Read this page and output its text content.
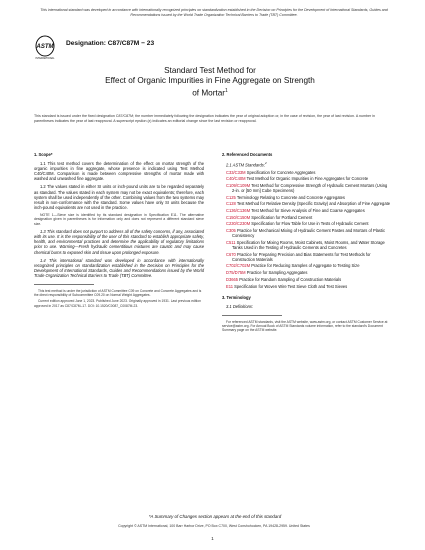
This international standard was developed in accordance with internationally recognized principles on standardization established in the Decision on Principles for the Development of International Standards, Guides and Recommendations issued by the World Trade Organization Technical Barriers to Trade (TBT) Committee.
ASTM
INTERNATIONAL
Designation: C87/C87M − 23
Standard Test Method for
Effect of Organic Impurities in Fine Aggregate on Strength
of Mortar$^1$
This standard is issued under the fixed designation C87/C87M; the number immediately following the designation indicates the year of original adoption or, in the case of revision, the year of last revision. A number in parentheses indicates the year of last reapproval. A superscript epsilon (ε) indicates an editorial change since the last revision or reapproval.
1. Scope*

1.1 This test method covers the determination of the effect on mortar strength of the organic impurities in fine aggregate, whose presence is indicated using Test Method C40/C40M. Comparison is made between compressive strengths of mortar made with washed and unwashed fine aggregate.

1.2 The values stated in either SI units or inch-pound units are to be regarded separately as standard. The values stated in each system may not be exact equivalents; therefore, each system shall be used independently of the other. Combining values from the two systems may result in non-conformance with the standard. Some values have only SI units because the inch-pound equivalents are not used in the practice.

NOTE 1—Sieve size is identified by its standard designation in Specification E11. The alternative designation given in parentheses is for information only and does not represent a different standard sieve size.

1.3 This standard does not purport to address all of the safety concerns, if any, associated with its use. It is the responsibility of the user of this standard to establish appropriate safety, health, and environmental practices and determine the applicability of regulatory limitations prior to use. Warning—Fresh hydraulic cementitious mixtures are caustic and may cause chemical burns to exposed skin and tissue upon prolonged exposure.

1.4 This international standard was developed in accordance with internationally recognized principles on standardization established in the Decision on Principles for the Development of International Standards, Guides and Recommendations issued by the World Trade Organization Technical Barriers to Trade (TBT) Committee.

This test method is under the jurisdiction of ASTM Committee C09 on Concrete and Concrete Aggregates and is the direct responsibility of Subcommittee C09.20 on Normal Weight Aggregates.

Current edition approved June 1, 2023. Published June 2023. Originally approved in 1931. Last previous edition approved in 2017 as C87/C87M–17. DOI: 10.1520/C0087_C0087M-23.

2. Referenced Documents
2.1 ASTM Standards:$^2$
C33/C33M Specification for Concrete Aggregates
C40/C40M Test Method for Organic Impurities in Fine Aggregates for Concrete
C109/C109M Test Method for Compressive Strength of Hydraulic Cement Mortars (Using 2-in. or [50 mm] Cube Specimens)
C125 Terminology Relating to Concrete and Concrete Aggregates
C128 Test Method for Relative Density (Specific Gravity) and Absorption of Fine Aggregate
C136/C136M Test Method for Sieve Analysis of Fine and Coarse Aggregates
C150/C150M Specification for Portland Cement
C230/C230M Specification for Flow Table for Use in Tests of Hydraulic Cement
C305 Practice for Mechanical Mixing of Hydraulic Cement Pastes and Mortars of Plastic Consistency
C511 Specification for Mixing Rooms, Moist Cabinets, Moist Rooms, and Water Storage Tanks Used in the Testing of Hydraulic Cements and Concretes
C670 Practice for Preparing Precision and Bias Statements for Test Methods for Construction Materials
C702/C702M Practice for Reducing Samples of Aggregate to Testing Size
D75/D75M Practice for Sampling Aggregates
D3665 Practice for Random Sampling of Construction Materials
E11 Specification for Woven Wire Test Sieve Cloth and Test Sieves
3. Terminology
3.1 Definitions:

For referenced ASTM standards, visit the ASTM website, www.astm.org, or contact ASTM Customer Service at service@astm.org. For Annual Book of ASTM Standards volume information, refer to the standard's Document Summary page on the ASTM website.

*A Summary of Changes section appears at the end of this standard
Copyright © ASTM International, 100 Barr Harbor Drive, PO Box C700, West Conshohocken, PA 19428-2959. United States
1
